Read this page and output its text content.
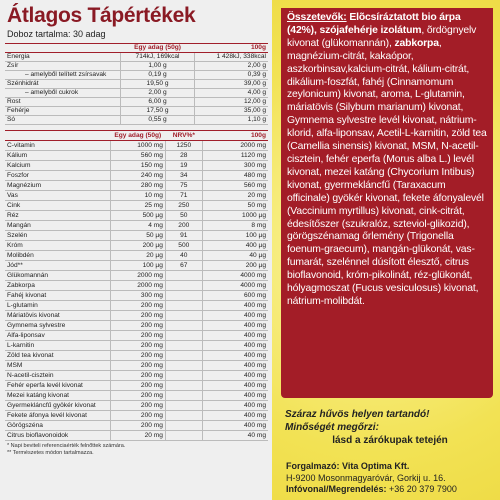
Átlagos Tápértékek
Doboz tartalma: 30 adag
	Egy adag (50g)	100g
Energia	714kJ, 169kcal	1 428kJ, 338kcal
Zsír	1,00 g	2,00 g
– amelyből telített zsírsavak	0,19 g	0,39 g
Szénhidrát	19,50 g	39,00 g
– amelyből cukrok	2,00 g	4,00 g
Rost	6,00 g	12,00 g
Fehérje	17,50 g	35,00 g
Só	0,55 g	1,10 g
	Egy adag (50g)	NRV%*	100g
C-vitamin	1000 mg	1250	2000 mg
Kálium	560 mg	28	1120 mg
Kalcium	150 mg	19	300 mg
Foszfor	240 mg	34	480 mg
Magnézium	280 mg	75	560 mg
Vas	10 mg	71	20 mg
Cink	25 mg	250	50 mg
Réz	500 µg	50	1000 µg
Mangán	4 mg	200	8 mg
Szelén	50 µg	91	100 µg
Króm	200 µg	500	400 µg
Molibdén	20 µg	40	40 µg
Jód**	100 µg	67	200 µg
Glükomannán	2000 mg		4000 mg
Zabkorpa	2000 mg		4000 mg
Fahéj kivonat	300 mg		600 mg
L-glutamin	200 mg		400 mg
Máriatövis kivonat	200 mg		400 mg
Gymnema sylvestre	200 mg		400 mg
Alfa-liponsav	200 mg		400 mg
L-karnitin	200 mg		400 mg
Zöld tea kivonat	200 mg		400 mg
MSM	200 mg		400 mg
N-acetil-cisztein	200 mg		400 mg
Fehér eperfa levél kivonat	200 mg		400 mg
Mezei katáng kivonat	200 mg		400 mg
Gyermekláncfű gyökér kivonat	200 mg		400 mg
Fekete áfonya levél kivonat	200 mg		400 mg
Görögszéna	200 mg		400 mg
Citrus bioflavonoidok	20 mg		40 mg
* Napi beviteli referenciaérték felnőttek számára.
** Természetes módon tartalmazza.
Összetevők: Elõcsíráztatott bio árpa (42%), szójafehérje izolátum, õrdögnyelv kivonat (glükomannán), zabkorpa, magnézium-citrát, kakaópor, aszkorbinsav,kalcium-citrát, kálium-citrát, dikálium-foszfát, fahéj (Cinnamomum zeylonicum) kivonat, aroma, L-glutamin, máriatövis (Silybum marianum) kivonat, Gymnema sylvestre levél kivonat, nátrium-klorid, alfa-liponsav, Acetil-L-karnitin, zöld tea (Camellia sinensis) kivonat, MSM, N-acetil-cisztein, fehér eperfa (Morus alba L.) levél kivonat, mezei katáng (Chycorium Intibus) kivonat, gyermekláncfű (Taraxacum officinale) gyökér kivonat, fekete áfonyalevél (Vaccinium myrtillus) kivonat, cink-citrát, édesítőszer (szukralóz, szteviol-glikozid), görögszénamag őrlemény (Trigonella foenum-graecum), mangán-glükonát, vas-fumarát, szelénnel dúsított élesztő, citrus bioflavonoid, króm-pikolinát, réz-glükonát, hólyagmoszat (Fucus vesiculosus) kivonat, nátrium-molibdát.
Száraz hűvös helyen tartandó!
Minőségét megőrzi:
lásd a zárókupak tetején
Forgalmazó: Vita Optima Kft.
H-9200 Mosonmagyaróvár, Gorkij u. 16.
Infóvonal/Megrendelés: +36 20 379 7900
